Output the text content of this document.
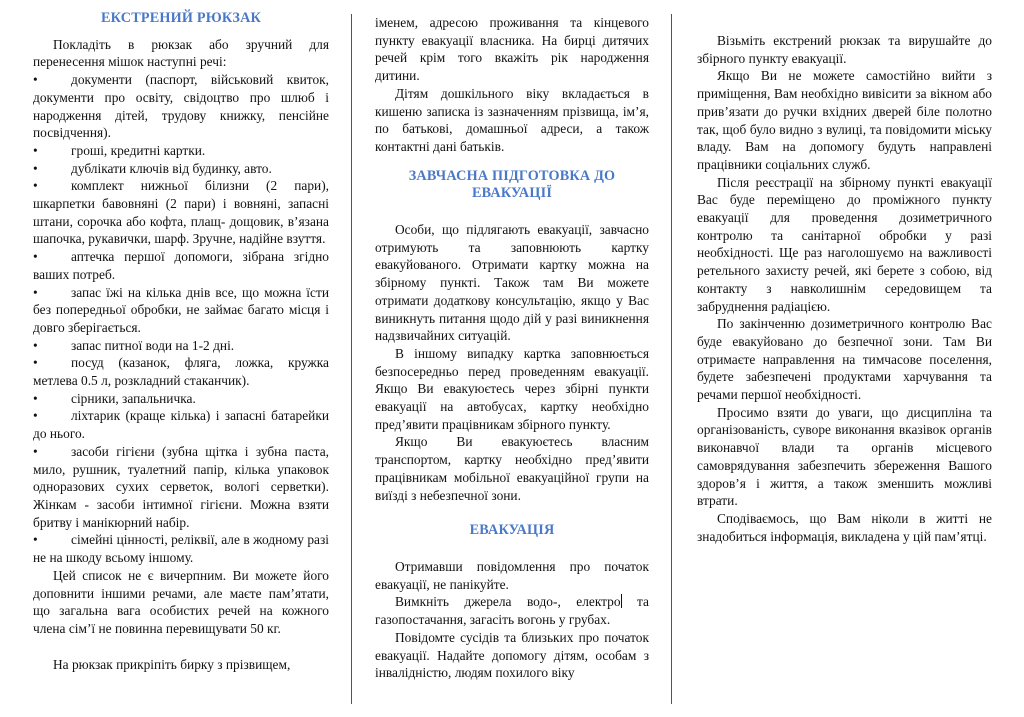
ЕКСТРЕНИЙ РЮКЗАК

Покладіть в рюкзак або зручний для перенесення мішок наступні речі:

• документи (паспорт, військовий квиток, документи про освіту, свідоцтво про шлюб і народження дітей, трудову книжку, пенсійне посвідчення).

• гроші, кредитні картки.

• дублікати ключів від будинку, авто.

• комплект нижньої білизни (2 пари), шкарпетки бавовняні (2 пари) і вовняні, запасні штани, сорочка або кофта, плащ- дощовик, в’язана шапочка, рукавички, шарф. Зручне, надійне взуття.

• аптечка першої допомоги, зібрана згідно ваших потреб.

• запас їжі на кілька днів все, що можна їсти без попередньої обробки, не займає багато місця і довго зберігається.

• запас питної води на 1-2 дні.

• посуд (казанок, фляга, ложка, кружка метлева 0.5 л, розкладний стаканчик).

• сірники, запальничка.

• ліхтарик (краще кілька) і запасні батарейки до нього.

• засоби гігієни (зубна щітка і зубна паста, мило, рушник, туалетний папір, кілька упаковок одноразових сухих серветок, вологі серветки). Жінкам - засоби інтимної гігієни. Можна взяти бритву і манікюрний набір.

• сімейні цінності, реліквії, але в жодному разі не на шкоду всьому іншому.

Цей список не є вичерпним. Ви можете його доповнити іншими речами, але маєте пам’ятати, що загальна вага особистих речей на кожного члена сім’ї не повинна перевищувати 50 кг.

На рюкзак прикріпіть бирку з прізвищем,

іменем, адресою проживання та кінцевого пункту евакуації власника. На бирці дитячих речей крім того вкажіть рік народження дитини.

Дітям дошкільного віку вкладається в кишеню записка із зазначенням прізвища, ім’я, по батькові, домашньої адреси, а також контактні дані батьків.

ЗАВЧАСНА ПІДГОТОВКА ДО ЕВАКУАЦІЇ

Особи, що підлягають евакуації, завчасно отримують та заповнюють картку евакуйованого. Отримати картку можна на збірному пункті. Також там Ви можете отримати додаткову консультацію, якщо у Вас виникнуть питання щодо дій у разі виникнення надзвичайних ситуацій.

В іншому випадку картка заповнюється безпосередньо перед проведенням евакуації. Якщо Ви евакуюєтесь через збірні пункти евакуації на автобусах, картку необхідно пред’явити працівникам збірного пункту.

Якщо Ви евакуюєтесь власним транспортом, картку необхідно пред’явити працівникам мобільної евакуаційної групи на виїзді з небезпечної зони.

ЕВАКУАЦІЯ

Отримавши повідомлення про початок евакуації, не панікуйте.

Вимкніть джерела водо-, електро та газопостачання, загасіть вогонь у грубах.

Повідомте сусідів та близьких про початок евакуації. Надайте допомогу дітям, особам з інвалідністю, людям похилого віку

Візьміть екстрений рюкзак та вирушайте до збірного пункту евакуації.

Якщо Ви не можете самостійно вийти з приміщення, Вам необхідно вивісити за вікном або прив’язати до ручки вхідних дверей біле полотно так, щоб було видно з вулиці, та повідомити міську владу. Вам на допомогу будуть направлені працівники соціальних служб.

Після реєстрації на збірному пункті евакуації Вас буде переміщено до проміжного пункту евакуації для проведення дозиметричного контролю та санітарної обробки у разі необхідності. Ще раз наголошуємо на важливості ретельного захисту речей, які берете з собою, від контакту з навколишнім середовищем та забруднення радіацією.

По закінченню дозиметричного контролю Вас буде евакуйовано до безпечної зони. Там Ви отримаєте направлення на тимчасове поселення, будете забезпечені продуктами харчування та речами першої необхідності.

Просимо взяти до уваги, що дисципліна та організованість, суворе виконання вказівок органів виконавчої влади та органів місцевого самоврядування забезпечить збереження Вашого здоров’я і життя, а також зменшить можливі втрати.

Сподіваємось, що Вам ніколи в житті не знадобиться інформація, викладена у цій пам’ятці.
